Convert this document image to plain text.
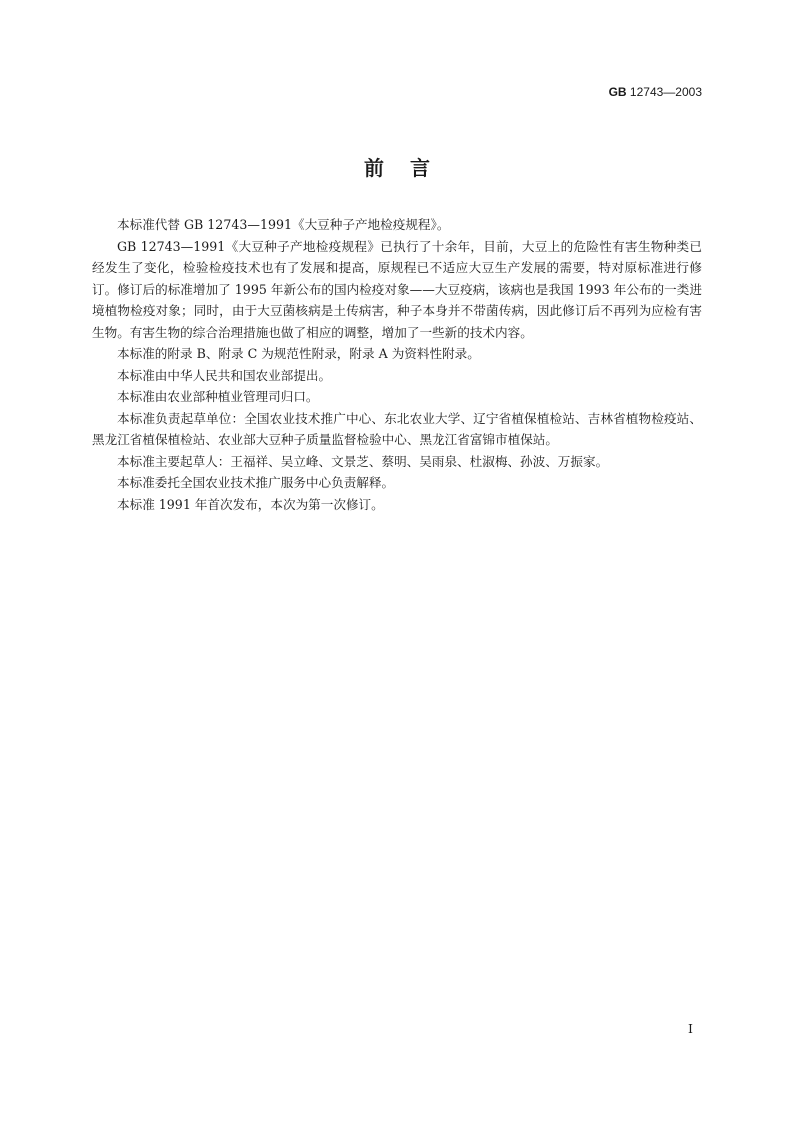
GB 12743—2003
前言

本标准代替 GB 12743—1991《大豆种子产地检疫规程》。

GB 12743—1991《大豆种子产地检疫规程》已执行了十余年，目前，大豆上的危险性有害生物种类已经发生了变化，检验检疫技术也有了发展和提高，原规程已不适应大豆生产发展的需要，特对原标准进行修订。修订后的标准增加了 1995 年新公布的国内检疫对象——大豆疫病，该病也是我国 1993 年公布的一类进境植物检疫对象；同时，由于大豆菌核病是土传病害，种子本身并不带菌传病，因此修订后不再列为应检有害生物。有害生物的综合治理措施也做了相应的调整，增加了一些新的技术内容。

本标准的附录 B、附录 C 为规范性附录，附录 A 为资料性附录。

本标准由中华人民共和国农业部提出。

本标准由农业部种植业管理司归口。

本标准负责起草单位：全国农业技术推广中心、东北农业大学、辽宁省植保植检站、吉林省植物检疫站、黑龙江省植保植检站、农业部大豆种子质量监督检验中心、黑龙江省富锦市植保站。

本标准主要起草人：王福祥、吴立峰、文景芝、蔡明、吴雨泉、杜淑梅、孙波、万振家。

本标准委托全国农业技术推广服务中心负责解释。

本标准 1991 年首次发布，本次为第一次修订。

I
